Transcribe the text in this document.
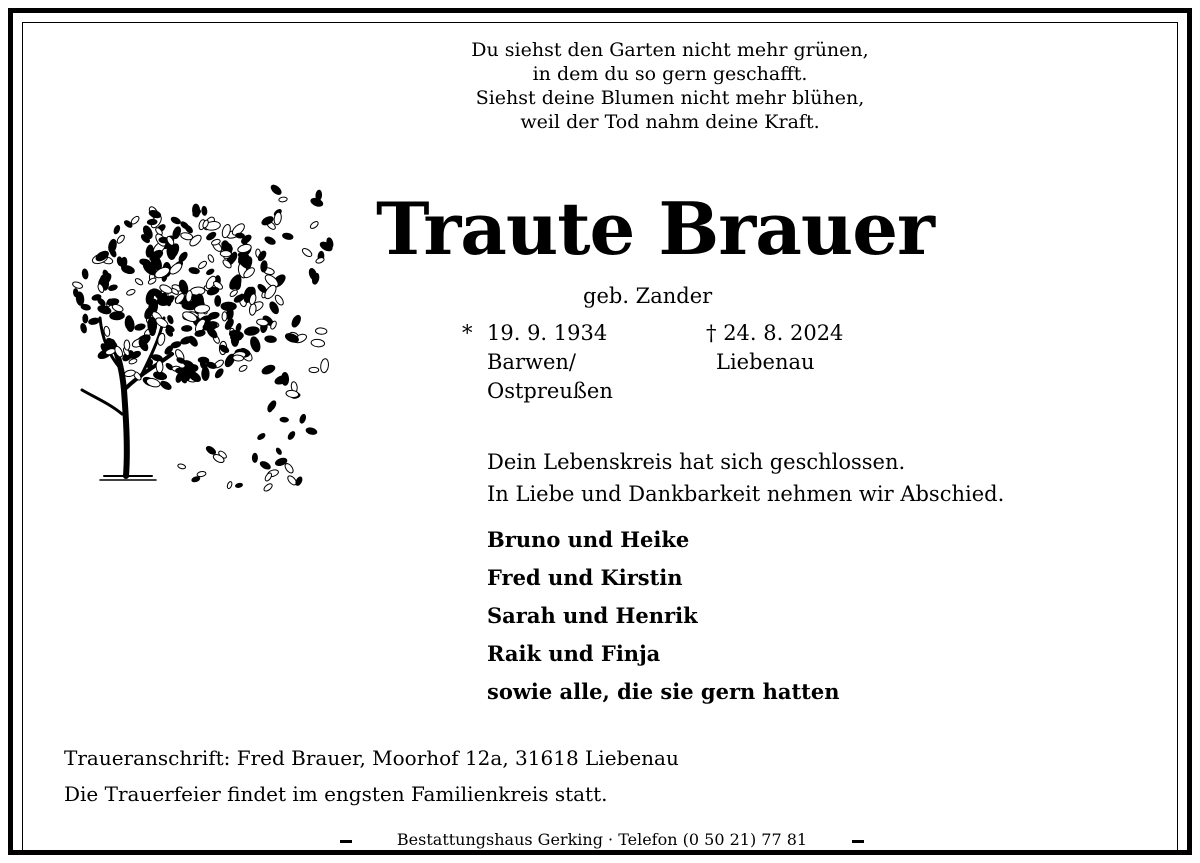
Du siehst den Garten nicht mehr grünen,
in dem du so gern geschafft.
Siehst deine Blumen nicht mehr blühen,
weil der Tod nahm deine Kraft.
Traute Brauer
geb. Zander
* 19. 9. 1934
Barwen/
Ostpreußen
† 24. 8. 2024
Liebenau
Dein Lebenskreis hat sich geschlossen.
In Liebe und Dankbarkeit nehmen wir Abschied.
Bruno und Heike
Fred und Kirstin
Sarah und Henrik
Raik und Finja
sowie alle, die sie gern hatten
Traueranschrift: Fred Brauer, Moorhof 12a, 31618 Liebenau
Die Trauerfeier findet im engsten Familienkreis statt.
Bestattungshaus Gerking · Telefon (0 50 21) 77 81
